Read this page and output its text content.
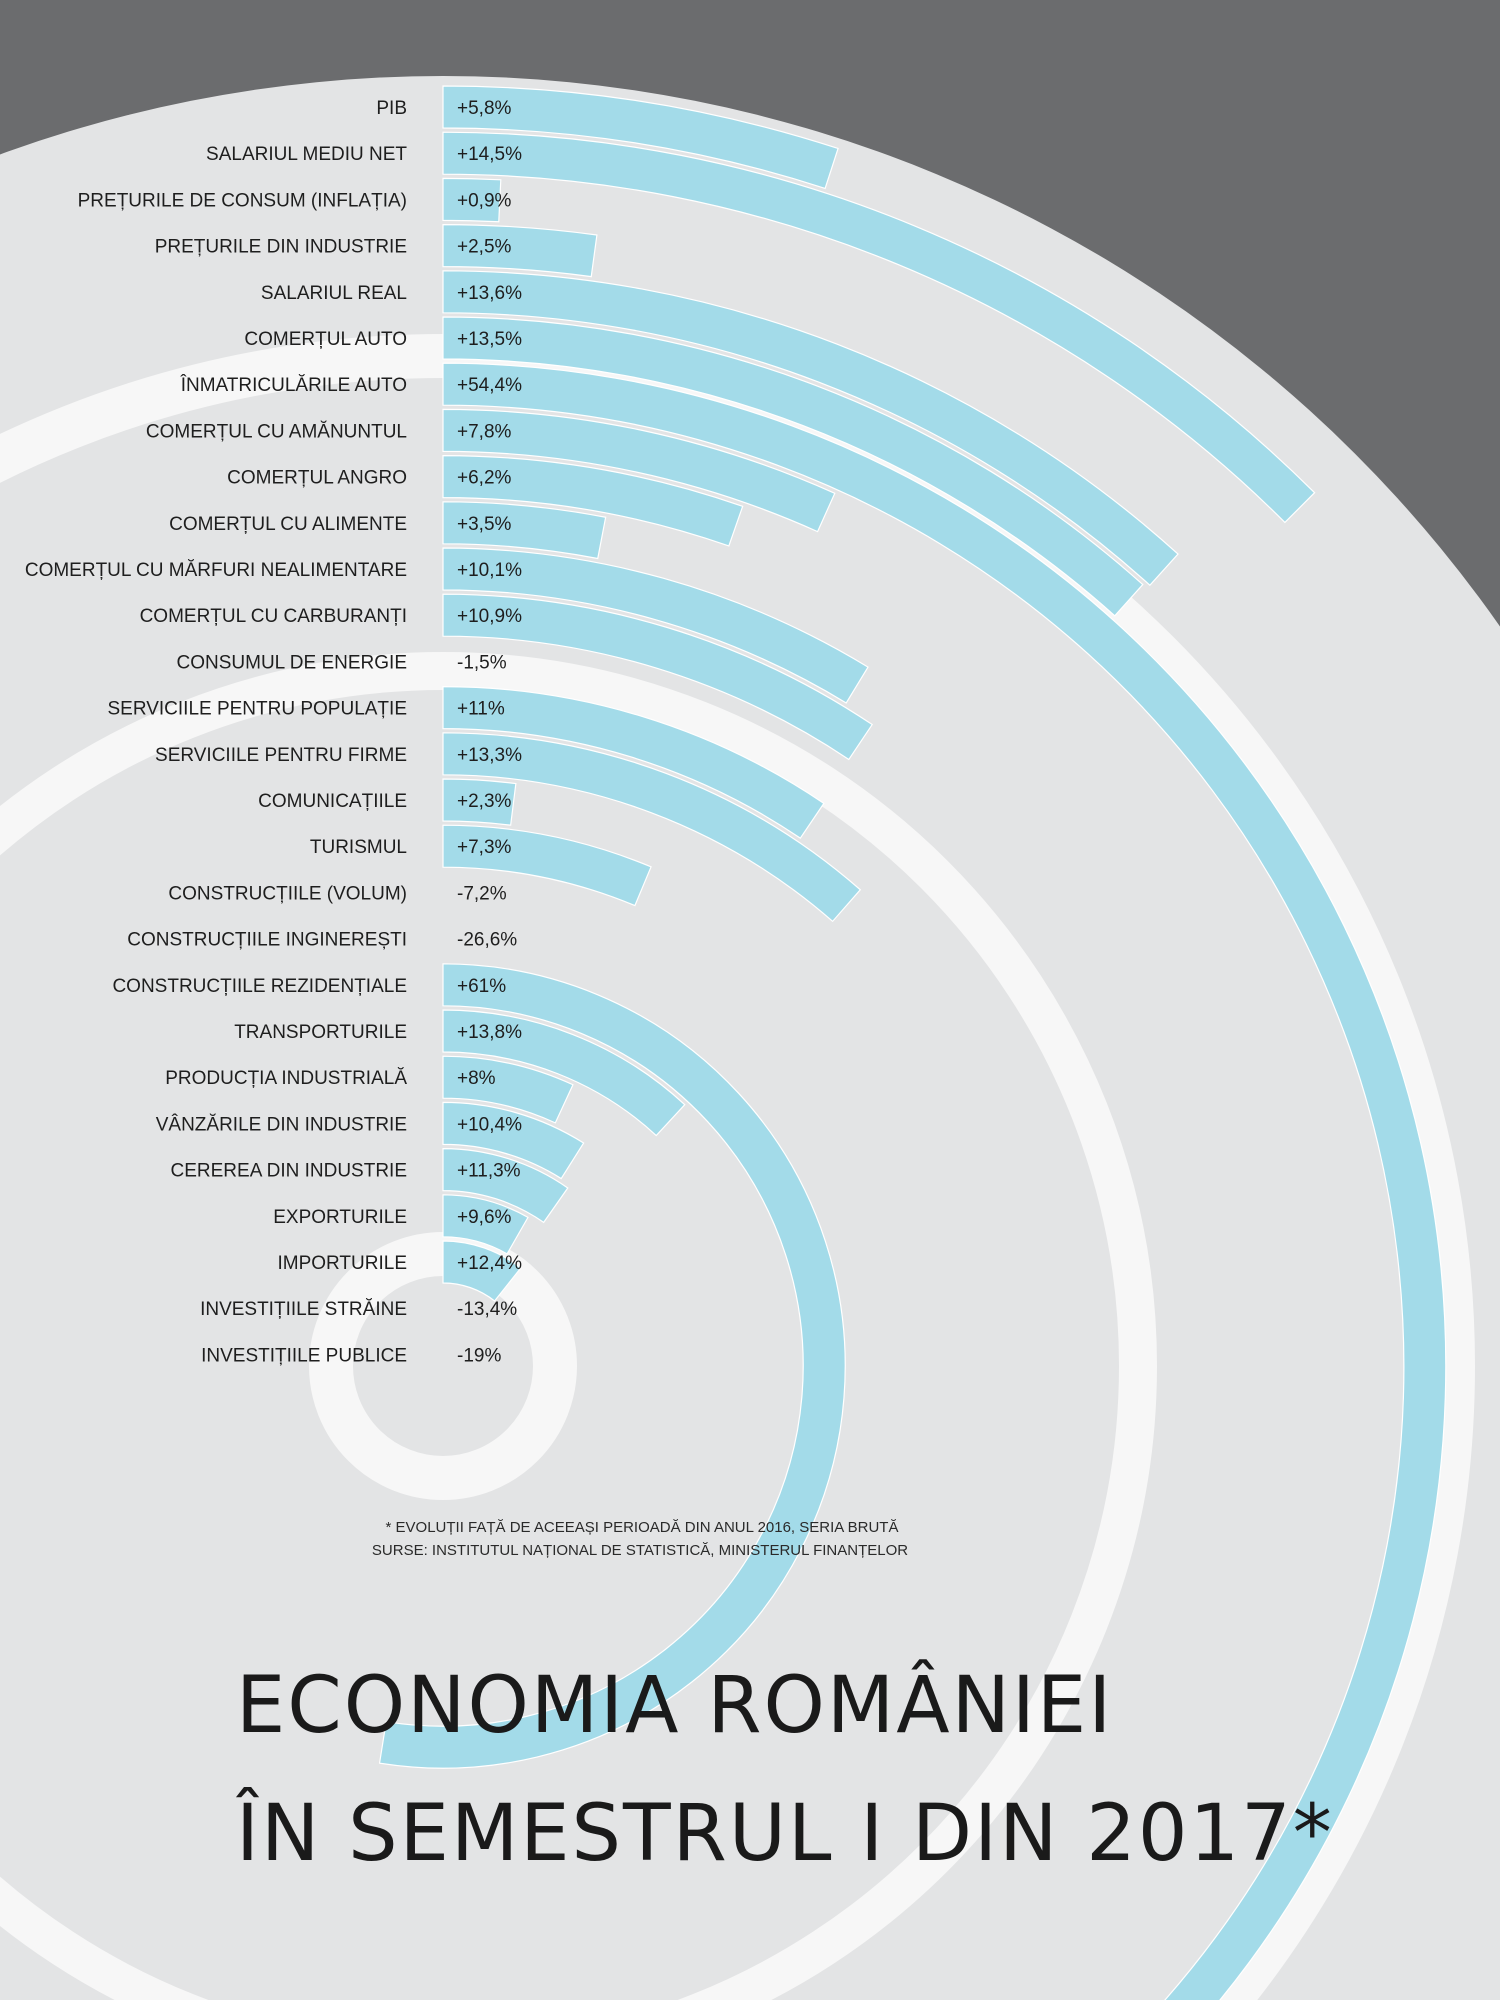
PIB	+5,8%
SALARIUL MEDIU NET	+14,5%
PREȚURILE DE CONSUM (INFLAȚIA)	+0,9%
PREȚURILE DIN INDUSTRIE	+2,5%
SALARIUL REAL	+13,6%
COMERȚUL AUTO	+13,5%
ÎNMATRICULĂRILE AUTO	+54,4%
COMERȚUL CU AMĂNUNTUL	+7,8%
COMERȚUL ANGRO	+6,2%
COMERȚUL CU ALIMENTE	+3,5%
COMERȚUL CU MĂRFURI NEALIMENTARE	+10,1%
COMERȚUL CU CARBURANȚI	+10,9%
CONSUMUL DE ENERGIE	-1,5%
SERVICIILE PENTRU POPULAȚIE	+11%
SERVICIILE PENTRU FIRME	+13,3%
COMUNICAȚIILE	+2,3%
TURISMUL	+7,3%
CONSTRUCȚIILE (VOLUM)	-7,2%
CONSTRUCȚIILE INGINEREȘTI	-26,6%
CONSTRUCȚIILE REZIDENȚIALE	+61%
TRANSPORTURILE	+13,8%
PRODUCȚIA INDUSTRIALĂ	+8%
VÂNZĂRILE DIN INDUSTRIE	+10,4%
CEREREA DIN INDUSTRIE	+11,3%
EXPORTURILE	+9,6%
IMPORTURILE	+12,4%
INVESTIȚIILE STRĂINE	-13,4%
INVESTIȚIILE PUBLICE	-19%
* EVOLUȚII FAȚĂ DE ACEEAȘI PERIOADĂ DIN ANUL 2016, SERIA BRUTĂ
SURSE: INSTITUTUL NAȚIONAL DE STATISTICĂ, MINISTERUL FINANȚELOR
ECONOMIA ROMÂNIEI
ÎN SEMESTRUL I DIN 2017*
